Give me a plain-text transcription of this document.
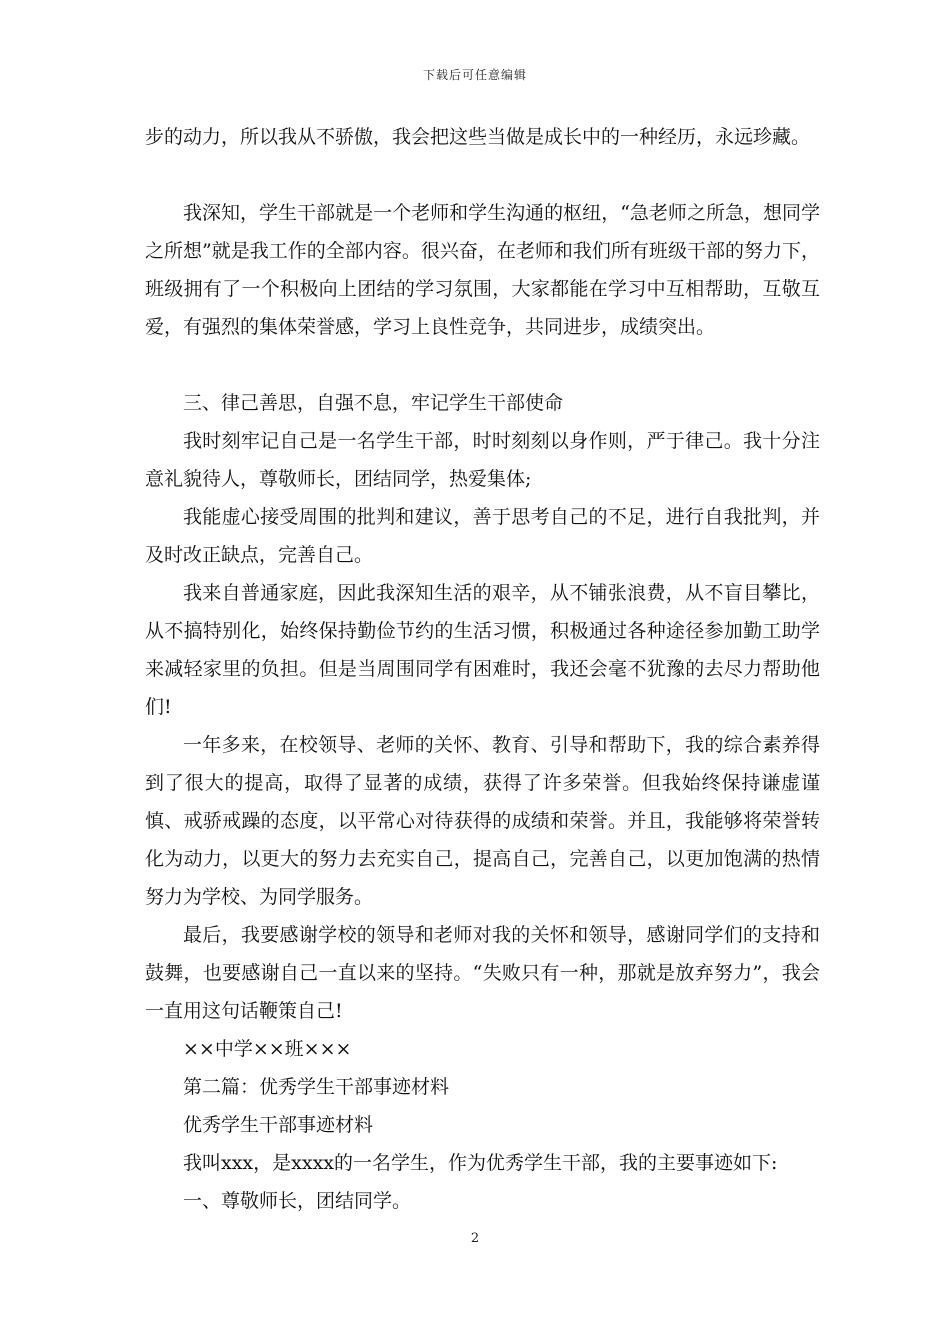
下载后可任意编辑

步的动力，所以我从不骄傲，我会把这些当做是成长中的一种经历，永远珍藏。

我深知，学生干部就是一个老师和学生沟通的枢纽，“急老师之所急，想同学之所想”就是我工作的全部内容。很兴奋，在老师和我们所有班级干部的努力下，班级拥有了一个积极向上团结的学习氛围，大家都能在学习中互相帮助，互敬互爱，有强烈的集体荣誉感，学习上良性竞争，共同进步，成绩突出。

三、律己善思，自强不息，牢记学生干部使命

我时刻牢记自己是一名学生干部，时时刻刻以身作则，严于律己。我十分注意礼貌待人，尊敬师长，团结同学，热爱集体;

我能虚心接受周围的批判和建议，善于思考自己的不足，进行自我批判，并及时改正缺点，完善自己。

我来自普通家庭，因此我深知生活的艰辛，从不铺张浪费，从不盲目攀比，从不搞特别化，始终保持勤俭节约的生活习惯，积极通过各种途径参加勤工助学来减轻家里的负担。但是当周围同学有困难时，我还会毫不犹豫的去尽力帮助他们!

一年多来，在校领导、老师的关怀、教育、引导和帮助下，我的综合素养得到了很大的提高，取得了显著的成绩，获得了许多荣誉。但我始终保持谦虚谨慎、戒骄戒躁的态度，以平常心对待获得的成绩和荣誉。并且，我能够将荣誉转化为动力，以更大的努力去充实自己，提高自己，完善自己，以更加饱满的热情努力为学校、为同学服务。

最后，我要感谢学校的领导和老师对我的关怀和领导，感谢同学们的支持和鼓舞，也要感谢自己一直以来的坚持。“失败只有一种，那就是放弃努力”，我会一直用这句话鞭策自己!

××中学××班×××

第二篇：优秀学生干部事迹材料

优秀学生干部事迹材料

我叫xxx，是xxxx的一名学生，作为优秀学生干部，我的主要事迹如下:

一、尊敬师长，团结同学。

2
